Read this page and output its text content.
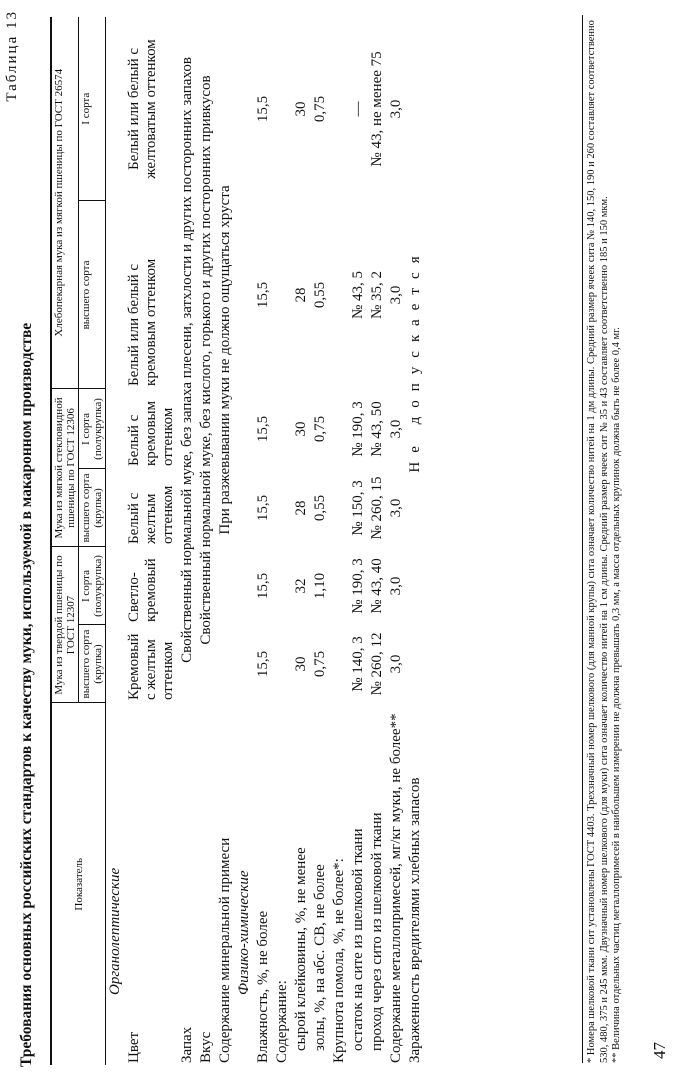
Таблица 13
Требования основных российских стандартов к качеству муки, используемой в макаронном производстве	Показатель	Мука из твердой пшеницы по ГОСТ 12307		Мука из мягкой стекловидной пшеницы по ГОСТ 12306		Хлебопекарная мука из мягкой пшеницы по ГОСТ 26574	
	высшего сорта (крупка)	I сорта (полукрупка)	высшего сорта (крупка)	I сорта (полукрупка)	высшего сорта	I сорта
Органолептические						
Цвет	Кремовый с желтым оттенком	Светло-кремовый	Белый с желтым оттенком	Белый с кремовым оттенком	Белый или белый с кремовым оттенком	Белый или белый с желтоватым оттенком
Запах	Свойственный нормальной муке, без запаха плесени, затхлости и других посторонних запахов					
Вкус	Свойственный нормальной муке, без кислого, горького и других посторонних привкусов					
Содержание минеральной примеси	При разжевывании муки не должно ощущаться хруста					
Физико-химические						
Влажность, %, не более	15,5	15,5	15,5	15,5	15,5	15,5
Содержание:						
сырой клейковины, %, не менее	30	32	28	30	28	30
золы, %, на абс. СВ, не более	0,75	1,10	0,55	0,75	0,55	0,75
Крупнота помола, %, не более*:						
остаток на сите из шелковой ткани	№ 140, 3	№ 190, 3	№ 150, 3	№ 190, 3	№ 43, 5	—
проход через сито из шелковой ткани	№ 260, 12	№ 43, 40	№ 260, 15	№ 43, 50	№ 35, 2	№ 43, не менее 75
Содержание металлопримесей, мг/кг муки, не более**	3,0	3,0	3,0	3,0	3,0	3,0
Зараженность вредителями хлебных запасов	Не допускается						* Номера шелковой ткани сит установлены ГОСТ 4403. Трехзначный номер шелкового (для манной крупы) сита означает количество нитей на 1 дм длины. Средний размер ячеек сита № 140, 150, 190 и 260 составляет соответственно 530, 480, 375 и 245 мкм. Двузначный номер шелкового (для муки) сита означает количество нитей на 1 см длины. Средний размер ячеек сит № 35 и 43 составляет соответственно 185 и 150 мкм. ** Величина отдельных частиц металлопримесей в наибольшем измерении не должна превышать 0,3 мм, а масса отдельных крупинок должна быть не более 0,4 мг. 47
